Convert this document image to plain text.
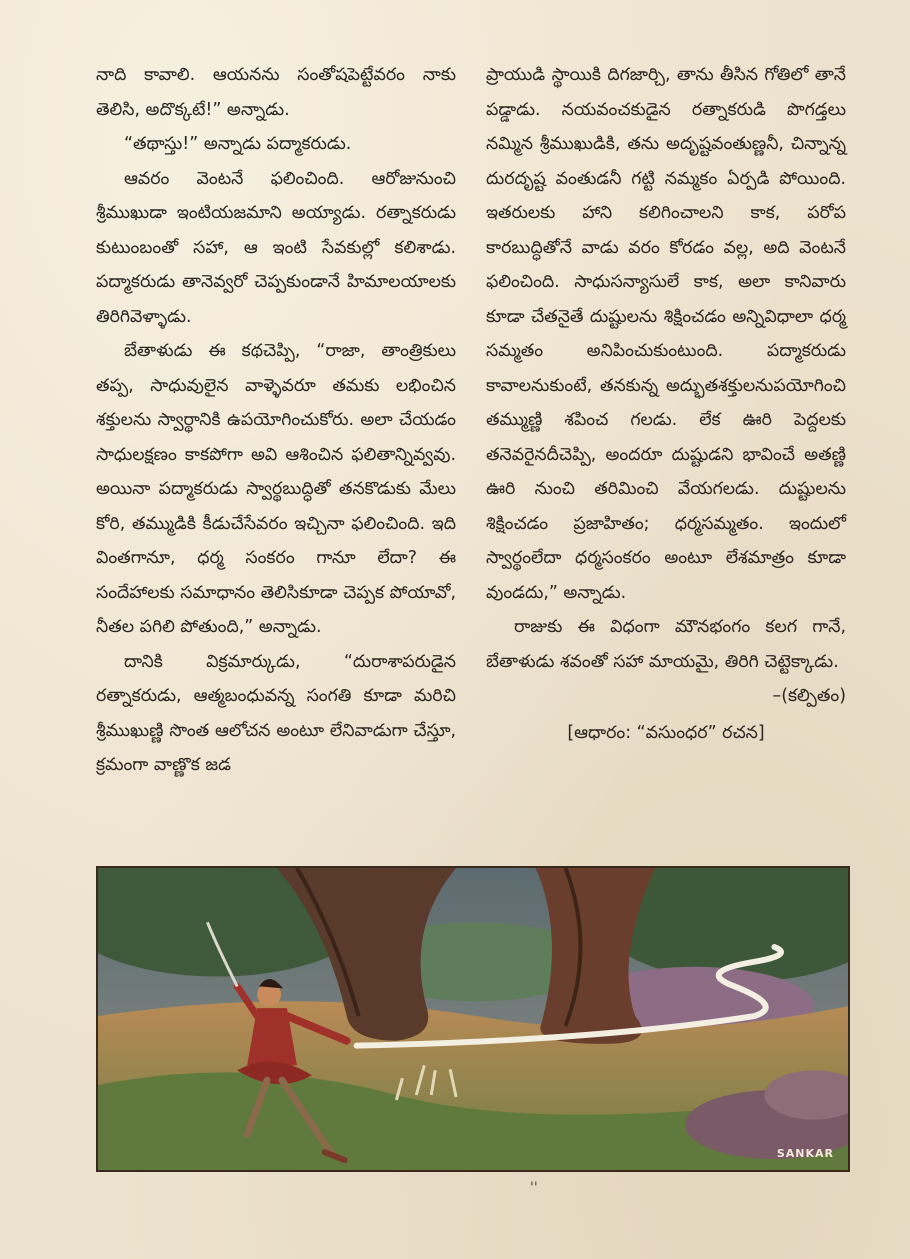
నాది కావాలి. ఆయనను సంతోషపెట్టేవరం నాకు తెలిసి, అదొక్కటే!” అన్నాడు.

“తథాస్తు!” అన్నాడు పద్మాకరుడు.

ఆవరం వెంటనే ఫలించింది. ఆరోజునుంచి శ్రీముఖుడా ఇంటియజమాని అయ్యాడు. రత్నాకరుడు కుటుంబంతో సహా, ఆ ఇంటి సేవకుల్లో కలిశాడు. పద్మాకరుడు తానెవ్వరో చెప్పకుండానే హిమాలయాలకు తిరిగివెళ్ళాడు.

బేతాళుడు ఈ కథచెప్పి, “రాజా, తాంత్రికులు తప్ప, సాధువులైన వాళ్ళెవరూ తమకు లభించిన శక్తులను స్వార్థానికి ఉపయోగించుకోరు. అలా చేయడం సాధులక్షణం కాకపోగా అవి ఆశించిన ఫలితాన్నివ్వవు. అయినా పద్మాకరుడు స్వార్థబుద్ధితో తనకొడుకు మేలు కోరి, తమ్ముడికి కీడుచేసేవరం ఇచ్చినా ఫలించింది. ఇది వింతగానూ, ధర్మ సంకరం గానూ లేదా? ఈ సందేహాలకు సమాధానం తెలిసికూడా చెప్పక పోయావో, నీతల పగిలి పోతుంది,” అన్నాడు.

దానికి విక్రమార్కుడు, “దురాశాపరుడైన రత్నాకరుడు, ఆత్మబంధువన్న సంగతి కూడా మరిచి శ్రీముఖుణ్ణి సొంత ఆలోచన అంటూ లేనివాడుగా చేస్తూ, క్రమంగా వాణ్ణొక జడ

ప్రాయుడి స్థాయికి దిగజార్చి, తాను తీసిన గోతిలో తానే పడ్డాడు. నయవంచకుడైన రత్నాకరుడి పొగడ్తలు నమ్మిన శ్రీముఖుడికి, తను అదృష్టవంతుణ్ణనీ, చిన్నాన్న దురదృష్ట వంతుడనీ గట్టి నమ్మకం ఏర్పడి పోయింది. ఇతరులకు హాని కలిగించాలని కాక, పరోప కారబుద్ధితోనే వాడు వరం కోరడం వల్ల, అది వెంటనే ఫలించింది. సాధుసన్యాసులే కాక, అలా కానివారు కూడా చేతనైతే దుష్టులను శిక్షించడం అన్నివిధాలా ధర్మ సమ్మతం అనిపించుకుంటుంది. పద్మాకరుడు కావాలనుకుంటే, తనకున్న అద్భుతశక్తులనుపయోగించి తమ్ముణ్ణి శపించ గలడు. లేక ఊరి పెద్దలకు తనెవరైనదీచెప్పి, అందరూ దుష్టుడని భావించే అతణ్ణి ఊరి నుంచి తరిమించి వేయగలడు. దుష్టులను శిక్షించడం ప్రజాహితం; ధర్మసమ్మతం. ఇందులో స్వార్థంలేదా ధర్మసంకరం అంటూ లేశమాత్రం కూడా వుండదు,” అన్నాడు.

రాజుకు ఈ విధంగా మౌనభంగం కలగ గానే, బేతాళుడు శవంతో సహా మాయమై, తిరిగి చెట్టెక్కాడు.

–(కల్పితం)

[ఆధారం: “వసుంధర” రచన]

SANKAR
''
